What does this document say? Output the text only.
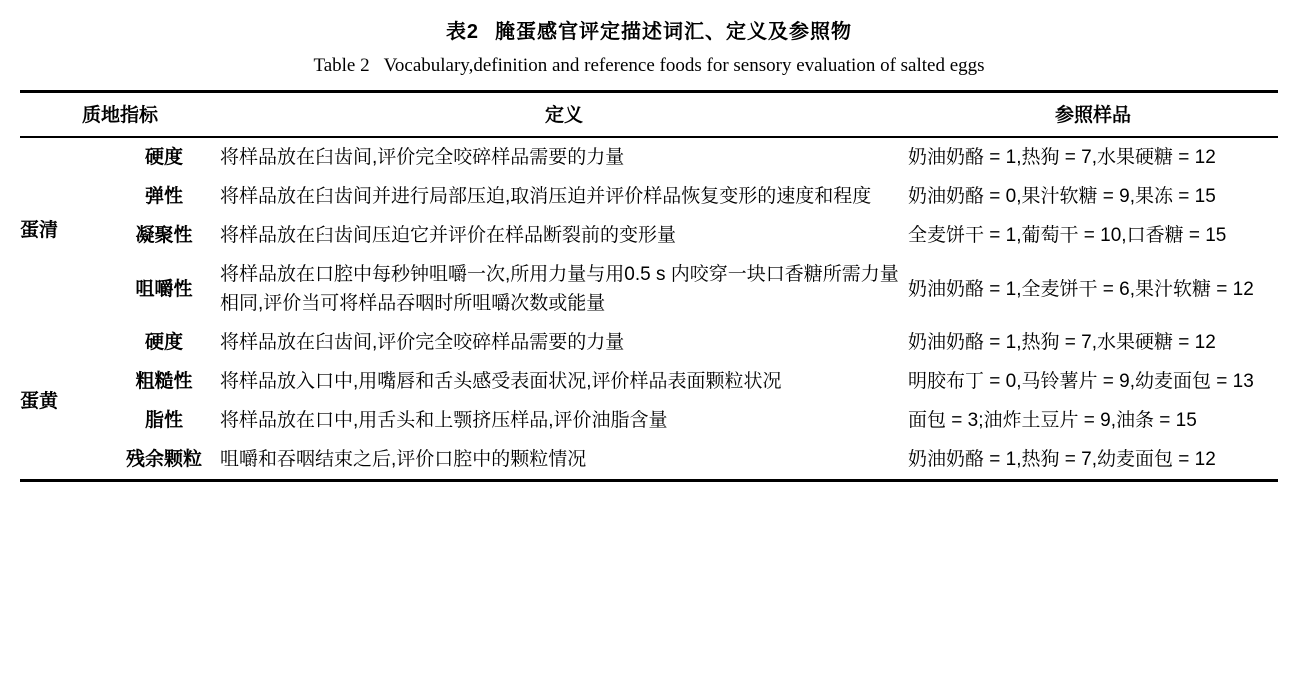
表2 腌蛋感官评定描述词汇、定义及参照物
Table 2 Vocabulary,definition and reference foods for sensory evaluation of salted eggs
质地指标		定义	参照样品
蛋清	硬度	将样品放在臼齿间,评价完全咬碎样品需要的力量	奶油奶酪 = 1,热狗 = 7,水果硬糖 = 12
	弹性	将样品放在臼齿间并进行局部压迫,取消压迫并评价样品恢复变形的速度和程度	奶油奶酪 = 0,果汁软糖 = 9,果冻 = 15
	凝聚性	将样品放在臼齿间压迫它并评价在样品断裂前的变形量	全麦饼干 = 1,葡萄干 = 10,口香糖 = 15
	咀嚼性	将样品放在口腔中每秒钟咀嚼一次,所用力量与用0.5 s 内咬穿一块口香糖所需力量相同,评价当可将样品吞咽时所咀嚼次数或能量	奶油奶酪 = 1,全麦饼干 = 6,果汁软糖 = 12
蛋黄	硬度	将样品放在臼齿间,评价完全咬碎样品需要的力量	奶油奶酪 = 1,热狗 = 7,水果硬糖 = 12
	粗糙性	将样品放入口中,用嘴唇和舌头感受表面状况,评价样品表面颗粒状况	明胶布丁 = 0,马铃薯片 = 9,幼麦面包 = 13
	脂性	将样品放在口中,用舌头和上颚挤压样品,评价油脂含量	面包 = 3;油炸土豆片 = 9,油条 = 15
	残余颗粒	咀嚼和吞咽结束之后,评价口腔中的颗粒情况	奶油奶酪 = 1,热狗 = 7,幼麦面包 = 12
